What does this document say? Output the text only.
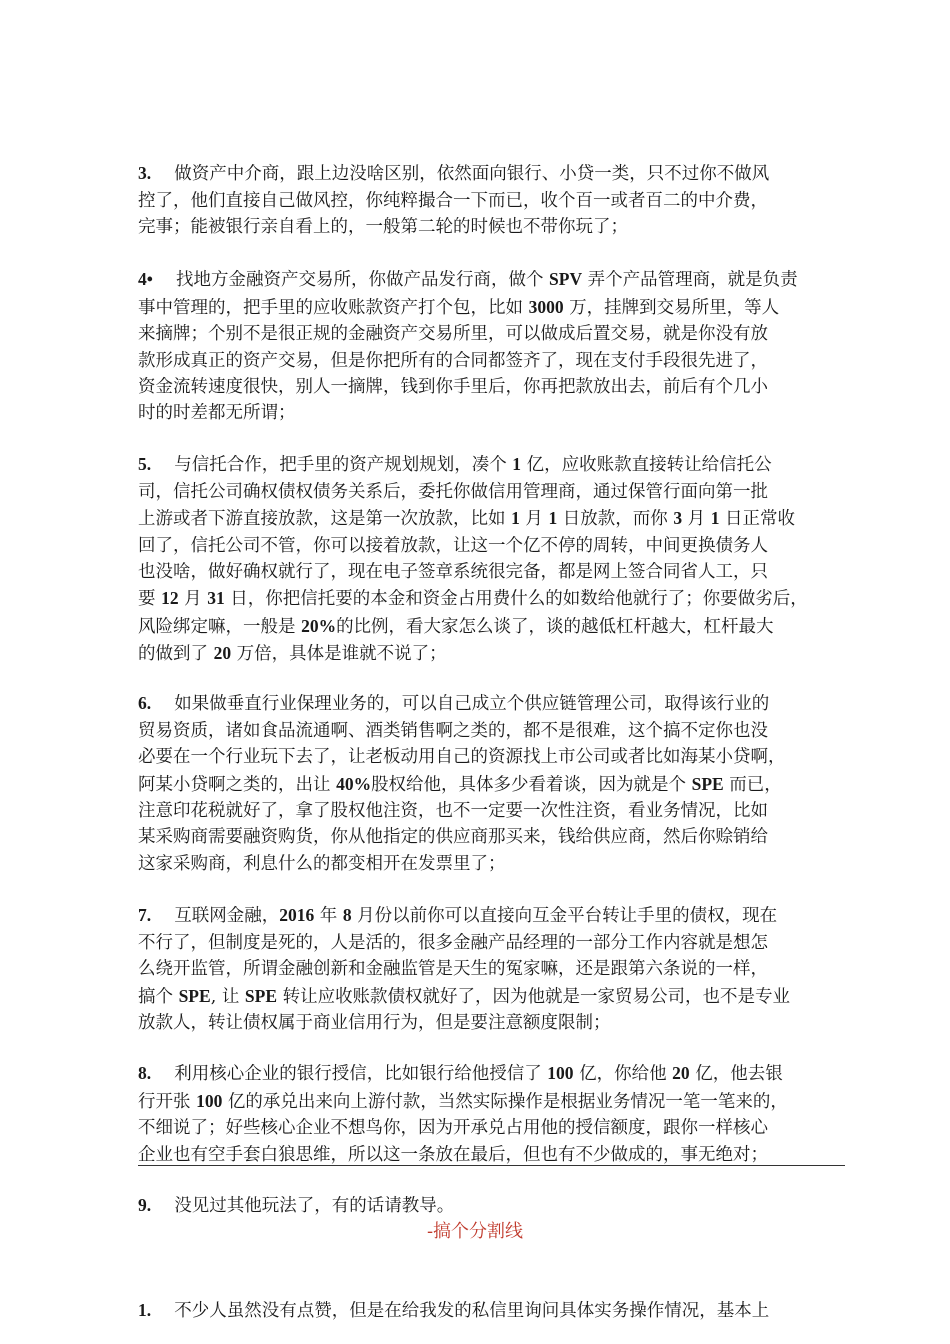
3.  做资产中介商，跟上边没啥区别，依然面向银行、小贷一类，只不过你不做风
控了，他们直接自己做风控，你纯粹撮合一下而已，收个百一或者百二的中介费，
完事；能被银行亲自看上的，一般第二轮的时候也不带你玩了；

4•  找地方金融资产交易所，你做产品发行商，做个 SPV 弄个产品管理商，就是负责
事中管理的，把手里的应收账款资产打个包，比如 3000 万，挂牌到交易所里，等人
来摘牌；个别不是很正规的金融资产交易所里，可以做成后置交易，就是你没有放
款形成真正的资产交易，但是你把所有的合同都签齐了，现在支付手段很先进了，
资金流转速度很快，别人一摘牌，钱到你手里后，你再把款放出去，前后有个几小
时的时差都无所谓；

5.  与信托合作，把手里的资产规划规划，凑个 1 亿，应收账款直接转让给信托公
司，信托公司确权债权债务关系后，委托你做信用管理商，通过保管行面向第一批
上游或者下游直接放款，这是第一次放款，比如 1 月 1 日放款，而你 3 月 1 日正常收
回了，信托公司不管，你可以接着放款，让这一个亿不停的周转，中间更换债务人
也没啥，做好确权就行了，现在电子签章系统很完备，都是网上签合同省人工，只
要 12 月 31 日，你把信托要的本金和资金占用费什么的如数给他就行了；你要做劣后，
风险绑定嘛，一般是 20%的比例，看大家怎么谈了，谈的越低杠杆越大，杠杆最大
的做到了 20 万倍，具体是谁就不说了；

6.  如果做垂直行业保理业务的，可以自己成立个供应链管理公司，取得该行业的
贸易资质，诸如食品流通啊、酒类销售啊之类的，都不是很难，这个搞不定你也没
必要在一个行业玩下去了，让老板动用自己的资源找上市公司或者比如海某小贷啊，
阿某小贷啊之类的，出让 40%股权给他，具体多少看着谈，因为就是个 SPE 而已，
注意印花税就好了，拿了股权他注资，也不一定要一次性注资，看业务情况，比如
某采购商需要融资购货，你从他指定的供应商那买来，钱给供应商，然后你赊销给
这家采购商，利息什么的都变相开在发票里了；

7.  互联网金融，2016 年 8 月份以前你可以直接向互金平台转让手里的债权，现在
不行了，但制度是死的，人是活的，很多金融产品经理的一部分工作内容就是想怎
么绕开监管，所谓金融创新和金融监管是天生的冤家嘛，还是跟第六条说的一样，
搞个 SPE, 让 SPE 转让应收账款债权就好了，因为他就是一家贸易公司，也不是专业
放款人，转让债权属于商业信用行为，但是要注意额度限制；

8.  利用核心企业的银行授信，比如银行给他授信了 100 亿，你给他 20 亿，他去银
行开张 100 亿的承兑出来向上游付款，当然实际操作是根据业务情况一笔一笔来的，
不细说了；好些核心企业不想鸟你，因为开承兑占用他的授信额度，跟你一样核心
企业也有空手套白狼思维，所以这一条放在最后，但也有不少做成的，事无绝对；

9.  没见过其他玩法了，有的话请教导。

-搞个分割线

1.  不少人虽然没有点赞，但是在给我发的私信里询问具体实务操作情况，基本上
